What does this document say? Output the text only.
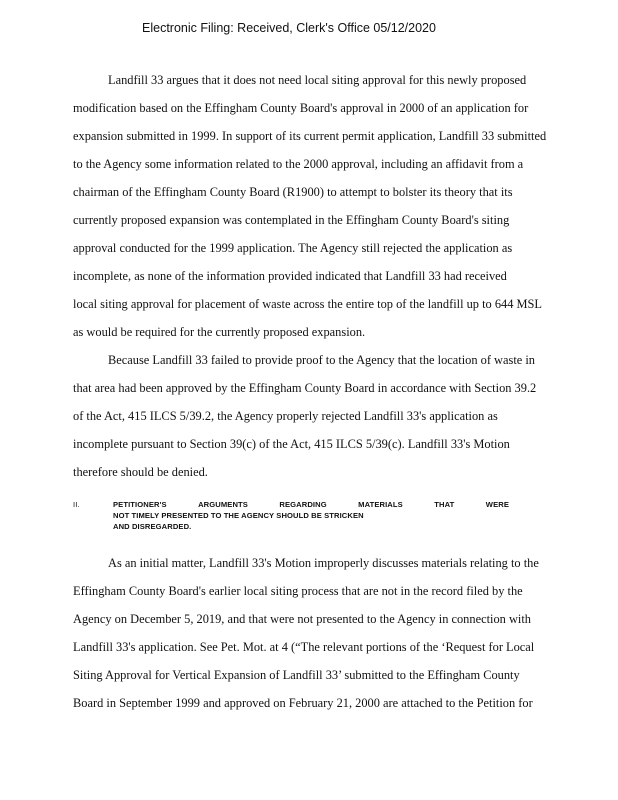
Electronic Filing: Received, Clerk's Office 05/12/2020
Landfill 33 argues that it does not need local siting approval for this newly proposed
modification based on the Effingham County Board's approval in 2000 of an application for
expansion submitted in 1999. In support of its current permit application, Landfill 33 submitted
to the Agency some information related to the 2000 approval, including an affidavit from a
chairman of the Effingham County Board (R1900) to attempt to bolster its theory that its
currently proposed expansion was contemplated in the Effingham County Board's siting
approval conducted for the 1999 application. The Agency still rejected the application as
incomplete, as none of the information provided indicated that Landfill 33 had received
local siting approval for placement of waste across the entire top of the landfill up to 644 MSL
as would be required for the currently proposed expansion.
Because Landfill 33 failed to provide proof to the Agency that the location of waste in
that area had been approved by the Effingham County Board in accordance with Section 39.2
of the Act, 415 ILCS 5/39.2, the Agency properly rejected Landfill 33's application as
incomplete pursuant to Section 39(c) of the Act, 415 ILCS 5/39(c). Landfill 33's Motion
therefore should be denied.
II.	PETITIONER'S	ARGUMENTS	REGARDING	MATERIALS	THAT	WERE
NOT TIMELY PRESENTED TO THE AGENCY SHOULD BE STRICKEN
AND DISREGARDED.
As an initial matter, Landfill 33's Motion improperly discusses materials relating to the
Effingham County Board's earlier local siting process that are not in the record filed by the
Agency on December 5, 2019, and that were not presented to the Agency in connection with
Landfill 33's application. See Pet. Mot. at 4 (“The relevant portions of the ‘Request for Local
Siting Approval for Vertical Expansion of Landfill 33’ submitted to the Effingham County
Board in September 1999 and approved on February 21, 2000 are attached to the Petition for
